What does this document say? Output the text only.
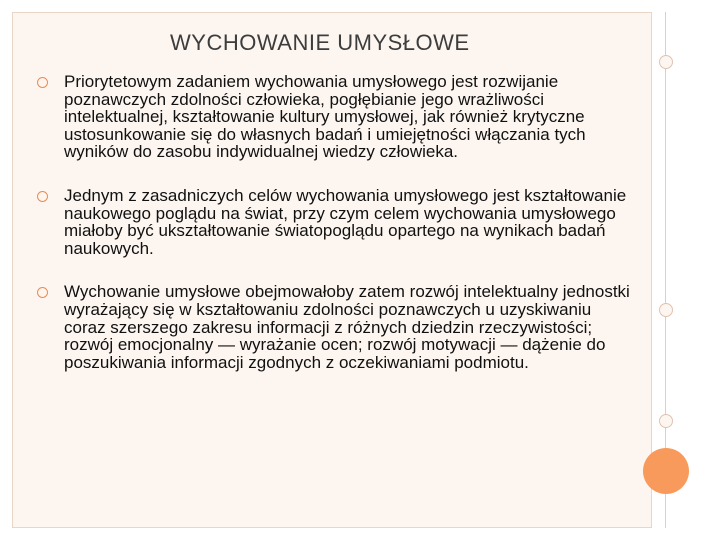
WYCHOWANIE UMYSŁOWE
Priorytetowym zadaniem wychowania umysłowego jest rozwijanie poznawczych zdolności człowieka, pogłębianie jego wrażliwości intelektualnej, kształtowanie kultury umysłowej, jak również krytyczne ustosunkowanie się do własnych badań i umiejętności włączania tych wyników do zasobu indywidualnej wiedzy człowieka.
Jednym z zasadniczych celów wychowania umysłowego jest kształtowanie naukowego poglądu na świat, przy czym celem wychowania umysłowego miałoby być ukształtowanie światopoglądu opartego na wynikach badań naukowych.
Wychowanie umysłowe obejmowałoby zatem rozwój intelektualny jednostki wyrażający się w kształtowaniu zdolności poznawczych u uzyskiwaniu coraz szerszego zakresu informacji z różnych dziedzin rzeczywistości; rozwój emocjonalny — wyrażanie ocen; rozwój motywacji — dążenie do poszukiwania informacji zgodnych z oczekiwaniami podmiotu.
